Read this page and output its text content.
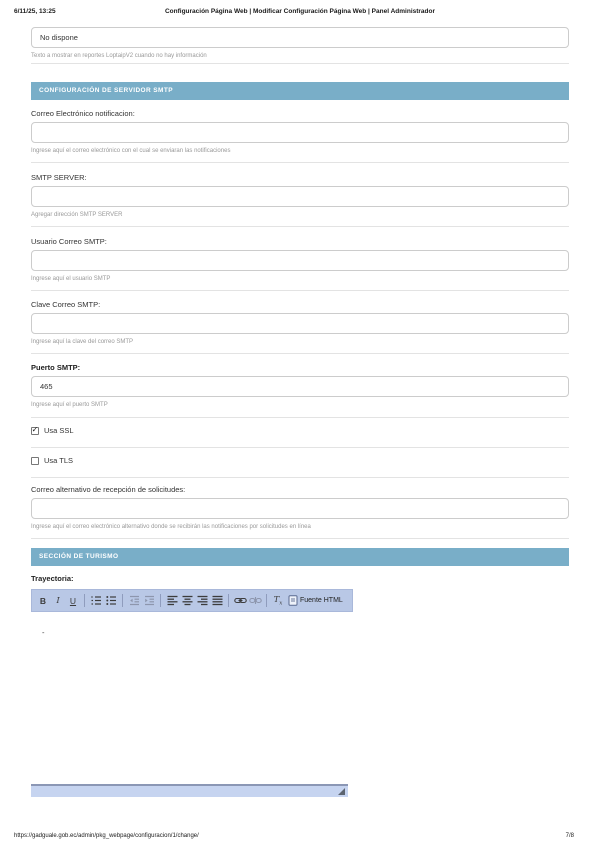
6/11/25, 13:25	Configuración Página Web | Modificar Configuración Página Web | Panel Administrador
No dispone
Texto a mostrar en reportes LoptaipV2 cuando no hay información
CONFIGURACIÓN DE SERVIDOR SMTP
Correo Electrónico notificacion:
Ingrese aquí el correo electrónico con el cual se enviaran las notificaciones
SMTP SERVER:
Agregar dirección SMTP SERVER
Usuario Correo SMTP:
Ingrese aquí el usuario SMTP
Clave Correo SMTP:
Ingrese aquí la clave del correo SMTP
Puerto SMTP:
465
Ingrese aquí el puerto SMTP
✓
Usa SSL
Usa TLS
Correo alternativo de recepción de solicitudes:
Ingrese aquí el correo electrónico alternativo donde se recibirán las notificaciones por solicitudes en línea
SECCIÓN DE TURISMO
Trayectoria:
B I U	$T_x$	Fuente HTML
-
https://gadguale.gob.ec/admin/pkg_webpage/configuracion/1/change/	7/8
